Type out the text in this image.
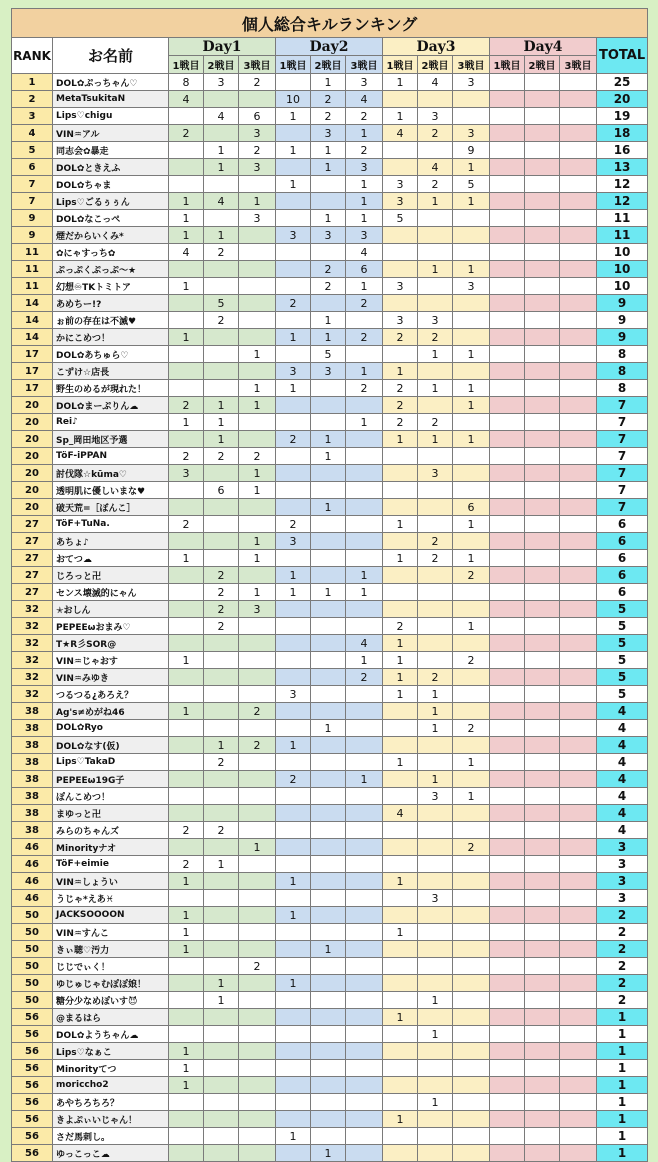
個人総合キルランキング														
RANK	お名前	Day1			Day2			Day3			Day4			TOTAL
		1戦目	2戦目	3戦目	1戦目	2戦目	3戦目	1戦目	2戦目	3戦目	1戦目	2戦目	3戦目	
1	DOL✿ぷっちゃん♡	8	3	2		1	3	1	4	3				25
2	MetaTsukitaN	4			10	2	4							20
3	Lips♡chigu		4	6	1	2	2	1	3					19
4	VIN♒アル	2		3		3	1	4	2	3				18
5	同志会✿暴走		1	2	1	1	2			9				16
6	DOL✿ときえふ		1	3		1	3		4	1				13
7	DOL✿ちゃま				1		1	3	2	5				12
7	Lips♡ごるぅぅん	1	4	1			1	3	1	1				12
9	DOL✿なこっぺ	1		3		1	1	5						11
9	煙だからいくみ*	1	1		3	3	3							11
11	✿にゃすっち✿	4	2				4							10
11	ぷっぷくぷっぷ～★					2	6		1	1				10
11	幻想♾TKトミトア	1				2	1	3		3				10
14	あめちー!?		5		2		2							9
14	ぉ前の存在は不滅♥		2			1		3	3					9
14	かにこめつ！	1			1	1	2	2	2					9
17	DOL✿あちゅら♡			1		5			1	1				8
17	こずけ☆店長				3	3	1	1						8
17	野生のめるが現れた！			1	1		2	2	1	1				8
20	DOL✿まーぷりん☁	2	1	1				2		1				7
20	Rei♪	1	1				1	2	2					7
20	Sp_岡田地区予選		1		2	1		1	1	1				7
20	TöF-iPPAN	2	2	2		1								7
20	討伐隊☆kūma♡	3		1					3					7
20	透明肌に優しいまな♥		6	1										7
20	破天荒=［ぼんこ］					1				6				7
27	TöF+TuNa.	2			2			1		1				6
27	あちょ♪			1	3				2					6
27	おてつ☁	1		1				1	2	1				6
27	じろっと卍		2		1		1			2				6
27	センス壊滅的にゃん		2	1	1	1	1							6
32	✭おしん		2	3										5
32	PEPEEωおまみ♡		2					2		1				5
32	T★R彡SOR@						4	1						5
32	VIN♒じゃおす	1					1	1		2				5
32	VIN♒みゆき						2	1	2					5
32	つるつる¿あろえ？				3			1	1					5
38	Ag's≠めがね46	1		2					1					4
38	DOL✿Ryo					1			1	2				4
38	DOL✿なす(仮)		1	2	1									4
38	Lips♡TakaD		2					1		1				4
38	PEPEEω19G子				2		1		1					4
38	ぽんこめつ！								3	1				4
38	まゆっと卍							4						4
38	みらのちゃんズ	2	2											4
46	Minorityナオ			1						2				3
46	TöF+eimie	2	1											3
46	VIN♒しょうい	1			1			1						3
46	うじゃ*えあ♓								3					3
50	JACKSOOOON	1			1									2
50	VIN♒すんこ	1						1						2
50	きぃ聴♡汚力	1				1								2
50	じじでぃく！			2										2
50	ゆじゅじゃむぽぽ娘！		1		1									2
50	糖分少なめぽいす😈		1						1					2
56	@まるはら							1						1
56	DOL✿ようちゃん☁								1					1
56	Lips♡なぁこ	1												1
56	Minorityてつ	1												1
56	moriccho2	1												1
56	あやちろちろ？								1					1
56	きよぷぃいじゃん！							1						1
56	さだ馬刺し。				1									1
56	ゆっこっこ☁					1								1
